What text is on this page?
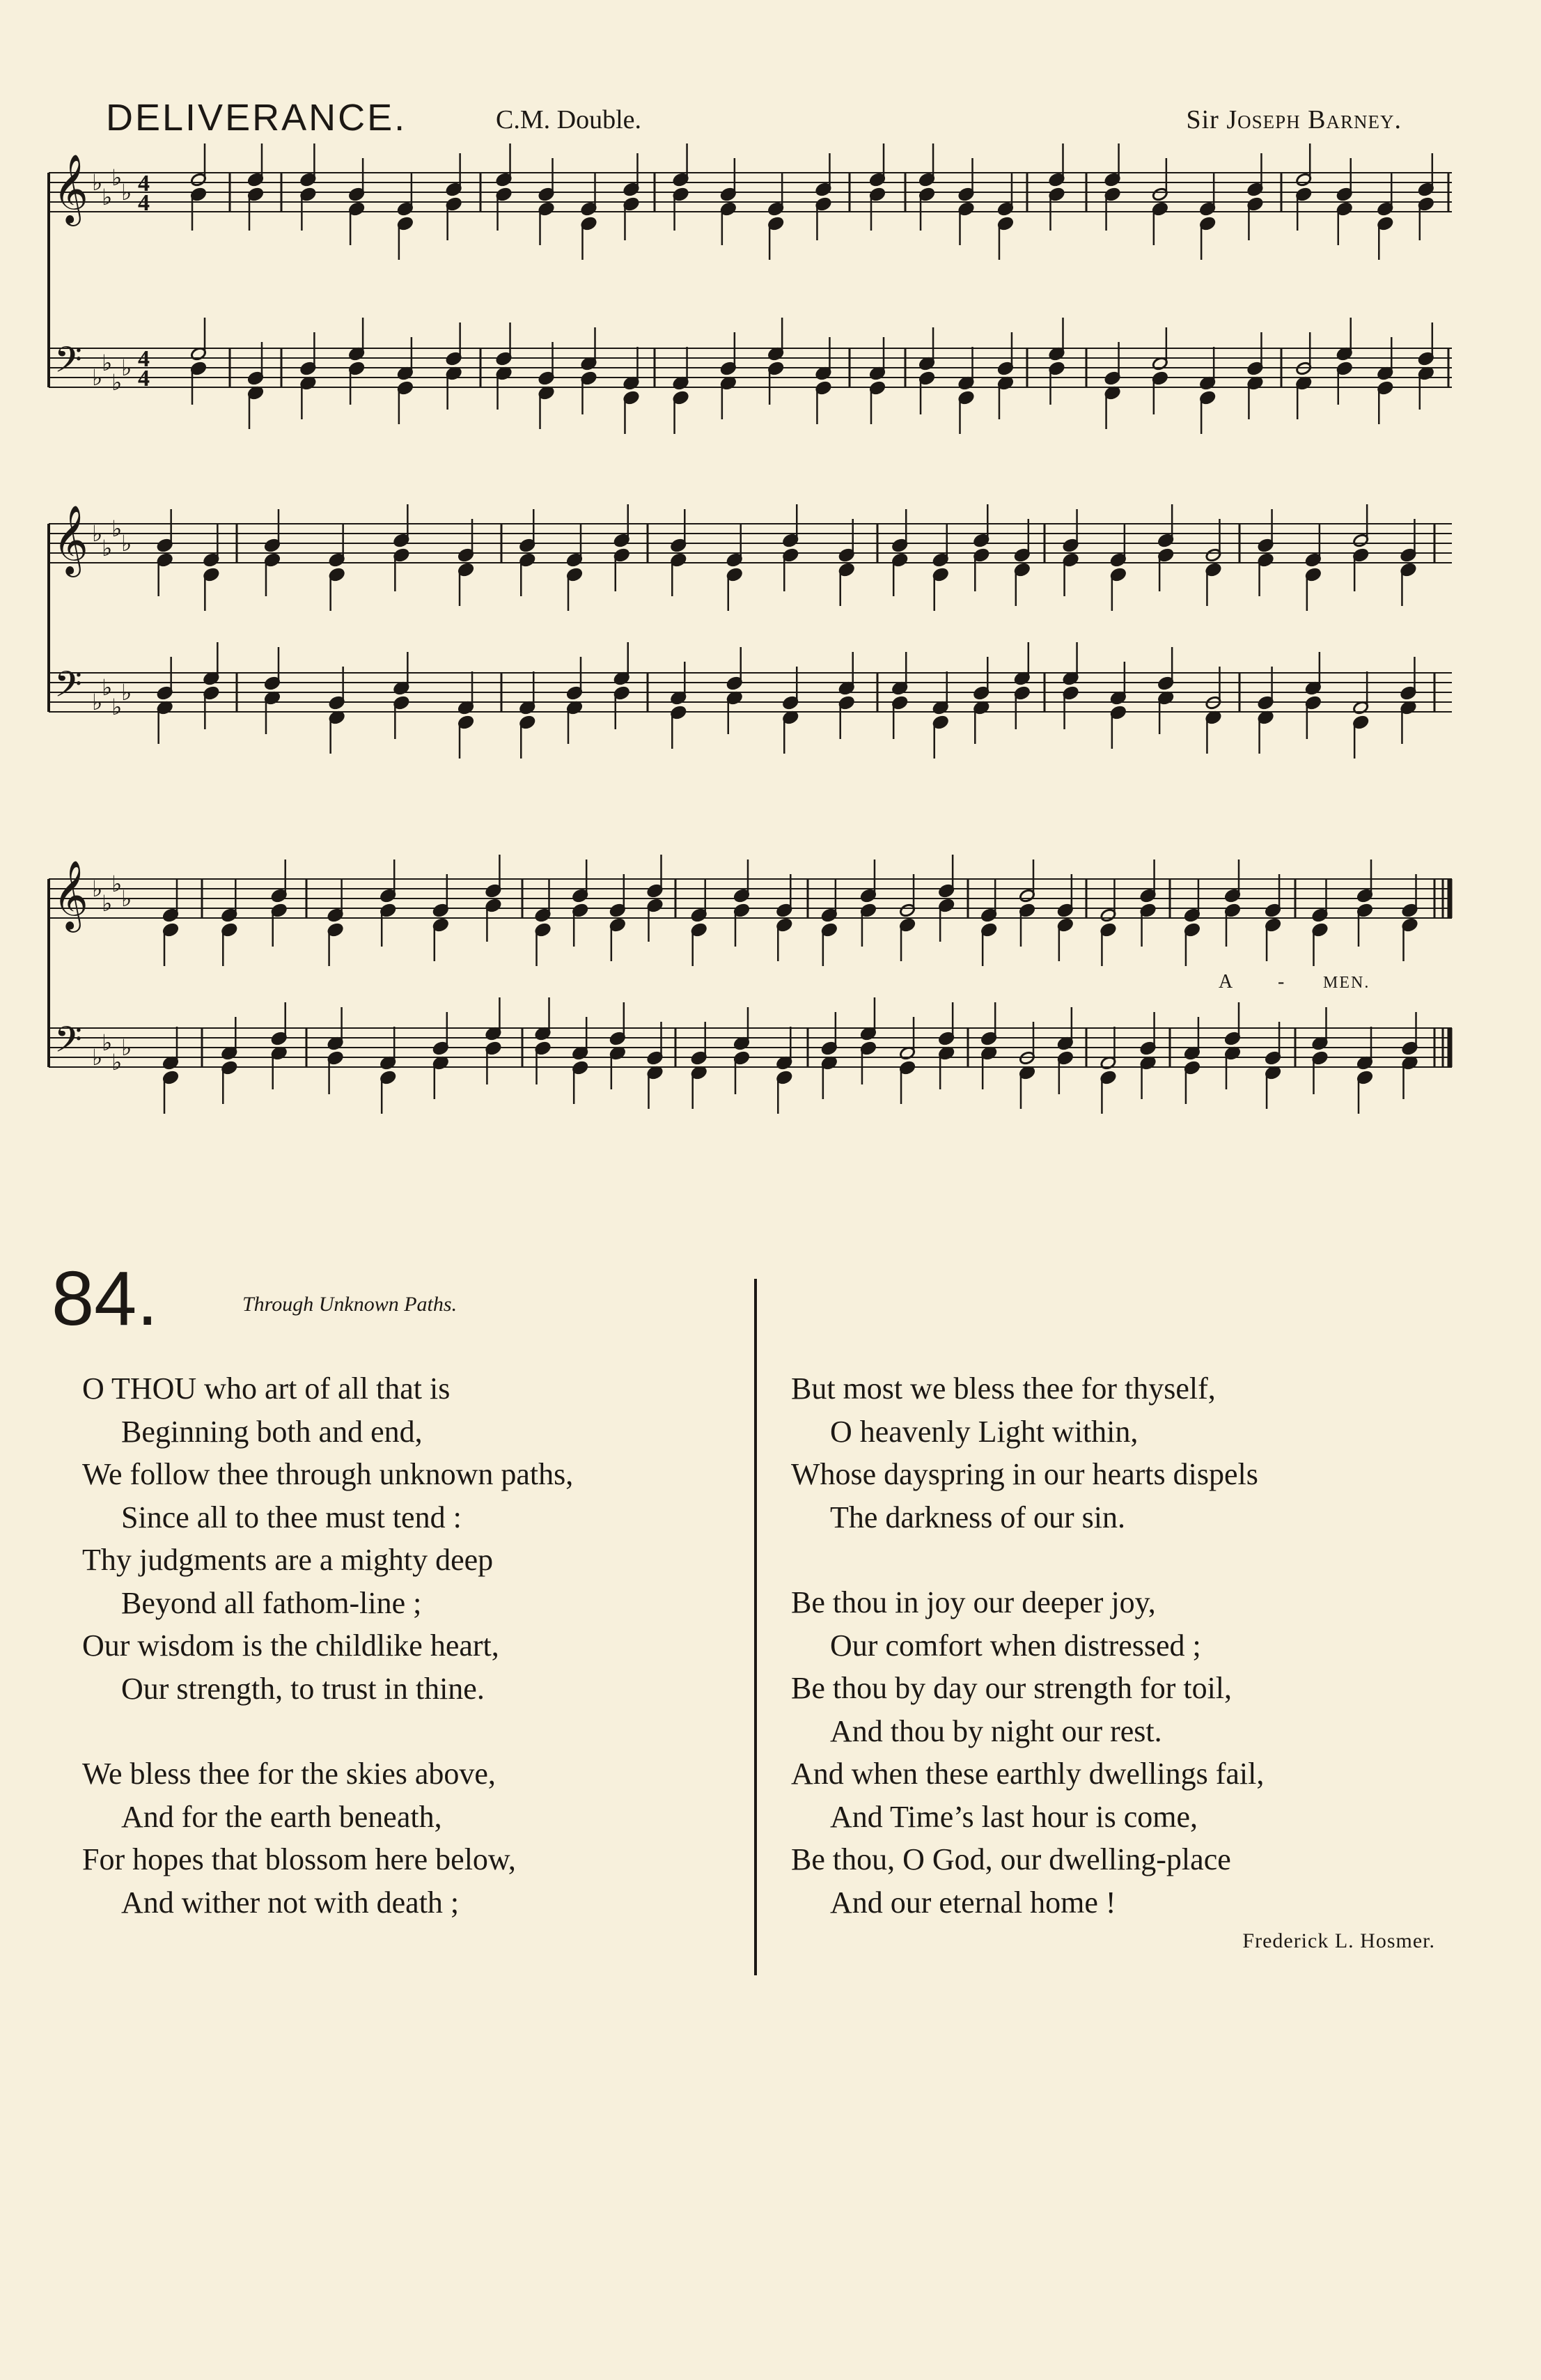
DELIVERANCE.	C.M. Double.	Sir Joseph Barney.
𝄞
𝄢
♭
♭
♭
♭
♭
♭
♭
♭
4
4
4
4
𝄞
𝄢
♭
♭
♭
♭
♭
♭
♭
♭
𝄞
𝄢
♭
♭
♭
♭
♭
♭
♭
♭
A - MEN.
84.	Through Unknown Paths.
O THOU who art of all that is
Beginning both and end,
We follow thee through unknown paths,
Since all to thee must tend :
Thy judgments are a mighty deep
Beyond all fathom-line ;
Our wisdom is the childlike heart,
Our strength, to trust in thine.
We bless thee for the skies above,
And for the earth beneath,
For hopes that blossom here below,
And wither not with death ;
But most we bless thee for thyself,
O heavenly Light within,
Whose dayspring in our hearts dispels
The darkness of our sin.
Be thou in joy our deeper joy,
Our comfort when distressed ;
Be thou by day our strength for toil,
And thou by night our rest.
And when these earthly dwellings fail,
And Time’s last hour is come,
Be thou, O God, our dwelling-place
And our eternal home !
Frederick L. Hosmer.
